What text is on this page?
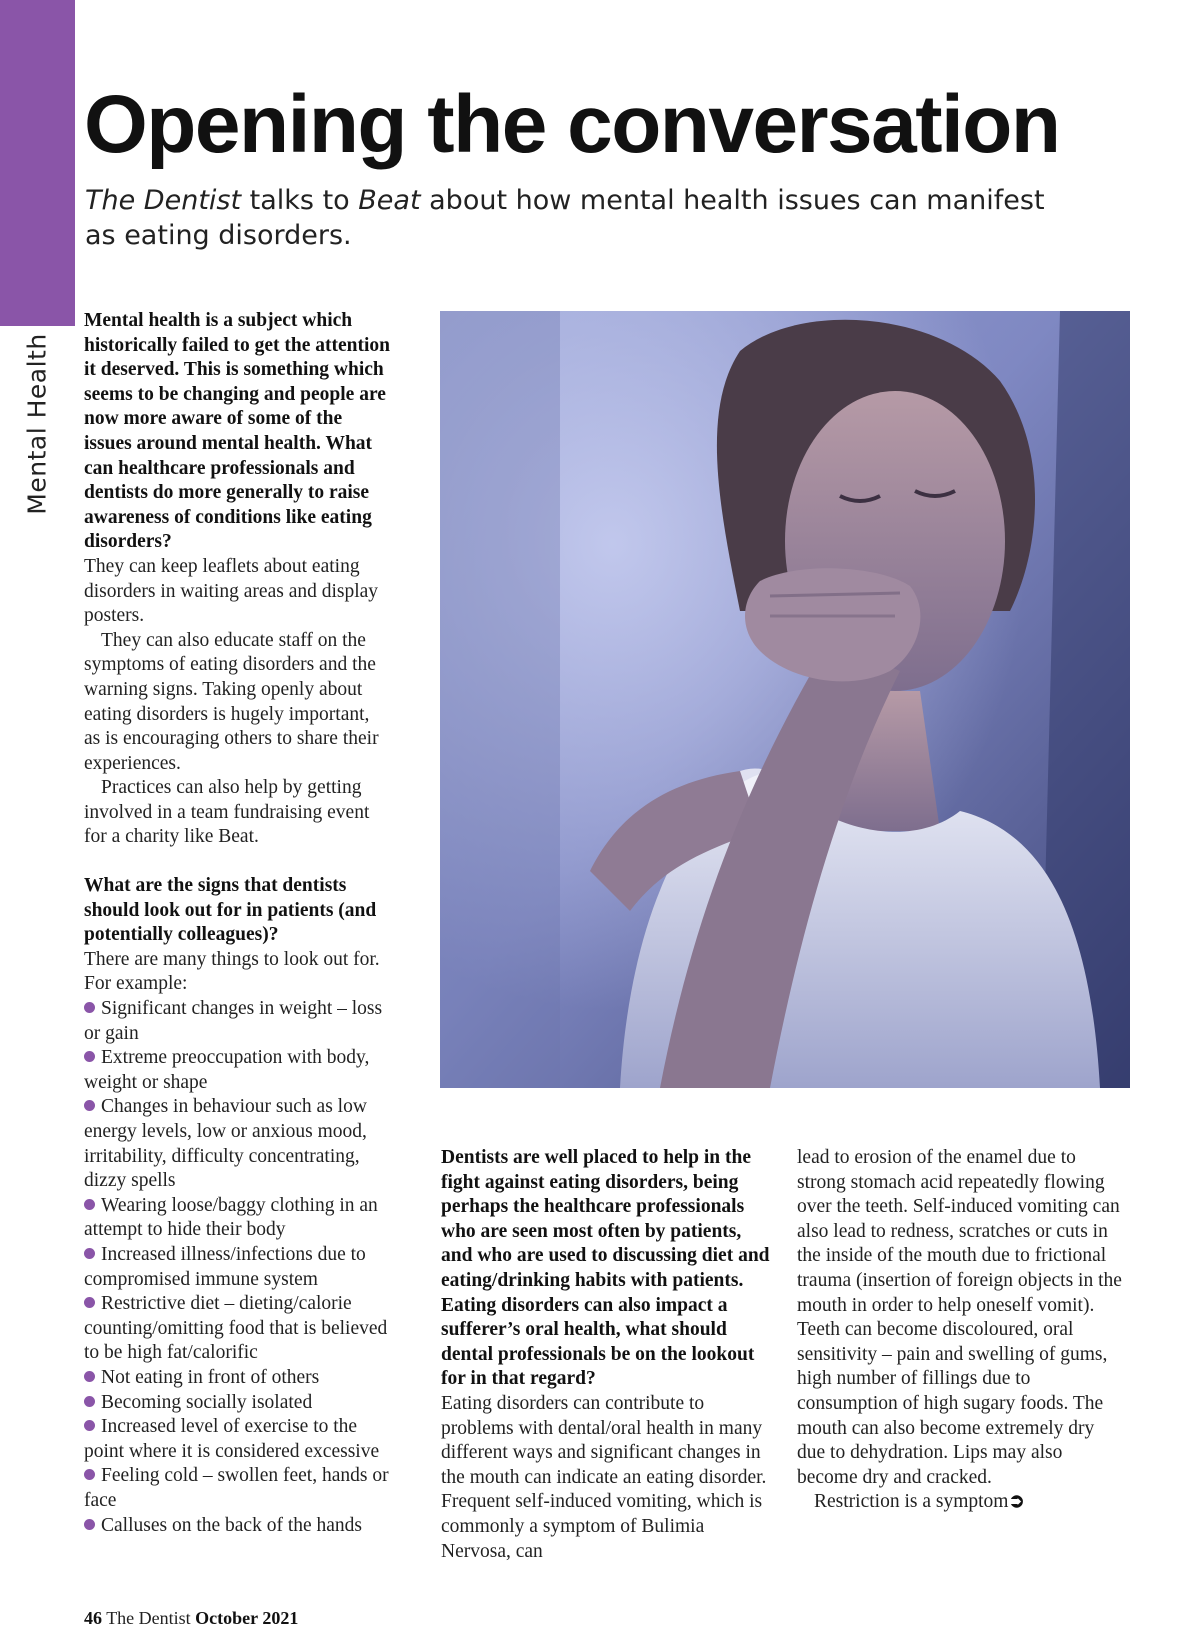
Mental Health
Opening the conversation

The Dentist talks to Beat about how mental health issues can manifest as eating disorders.

Mental health is a subject which historically failed to get the attention it deserved. This is something which seems to be changing and people are now more aware of some of the issues around mental health. What can healthcare professionals and dentists do more generally to raise awareness of conditions like eating disorders?

They can keep leaflets about eating disorders in waiting areas and display posters.

They can also educate staff on the symptoms of eating disorders and the warning signs. Taking openly about eating disorders is hugely important, as is encouraging others to share their experiences.

Practices can also help by getting involved in a team fundraising event for a charity like Beat.

What are the signs that dentists should look out for in patients (and potentially colleagues)?

There are many things to look out for. For example:

Significant changes in weight – loss or gain
Extreme preoccupation with body, weight or shape
Changes in behaviour such as low energy levels, low or anxious mood, irritability, difficulty concentrating, dizzy spells
Wearing loose/baggy clothing in an attempt to hide their body
Increased illness/infections due to compromised immune system
Restrictive diet – dieting/calorie counting/omitting food that is believed to be high fat/calorific
Not eating in front of others
Becoming socially isolated
Increased level of exercise to the point where it is considered excessive
Feeling cold – swollen feet, hands or face
Calluses on the back of the hands

Dentists are well placed to help in the fight against eating disorders, being perhaps the healthcare professionals who are seen most often by patients, and who are used to discussing diet and eating/drinking habits with patients. Eating disorders can also impact a sufferer’s oral health, what should dental professionals be on the lookout for in that regard?

Eating disorders can contribute to problems with dental/oral health in many different ways and significant changes in the mouth can indicate an eating disorder. Frequent self-induced vomiting, which is commonly a symptom of Bulimia Nervosa, can

lead to erosion of the enamel due to strong stomach acid repeatedly flowing over the teeth. Self-induced vomiting can also lead to redness, scratches or cuts in the inside of the mouth due to frictional trauma (insertion of foreign objects in the mouth in order to help oneself vomit). Teeth can become discoloured, oral sensitivity – pain and swelling of gums, high number of fillings due to consumption of high sugary foods. The mouth can also become extremely dry due to dehydration. Lips may also become dry and cracked.

Restriction is a symptom➲

46 The Dentist October 2021
